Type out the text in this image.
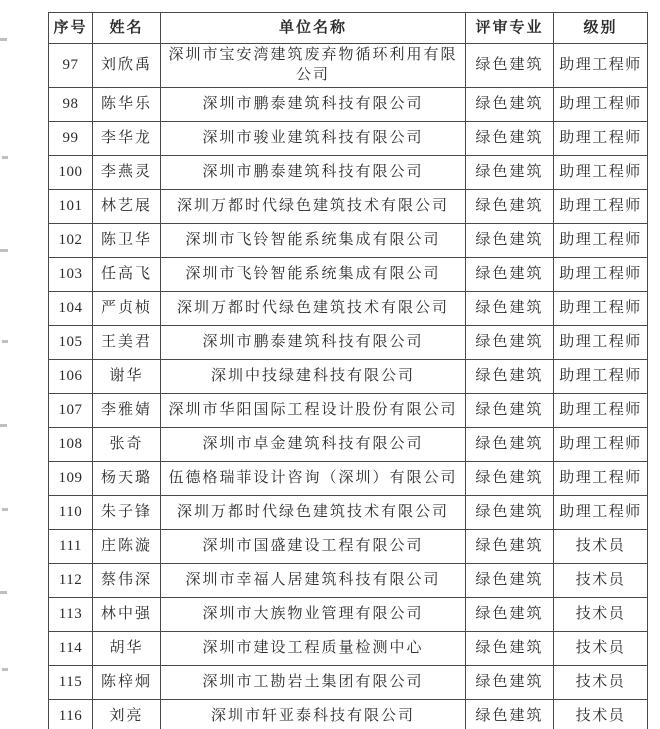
序号	姓名	单位名称	评审专业	级别
97	刘欣禹	深圳市宝安湾建筑废弃物循环利用有限公司	绿色建筑	助理工程师
98	陈华乐	深圳市鹏泰建筑科技有限公司	绿色建筑	助理工程师
99	李华龙	深圳市骏业建筑科技有限公司	绿色建筑	助理工程师
100	李燕灵	深圳市鹏泰建筑科技有限公司	绿色建筑	助理工程师
101	林艺展	深圳万都时代绿色建筑技术有限公司	绿色建筑	助理工程师
102	陈卫华	深圳市飞铃智能系统集成有限公司	绿色建筑	助理工程师
103	任高飞	深圳市飞铃智能系统集成有限公司	绿色建筑	助理工程师
104	严贞桢	深圳万都时代绿色建筑技术有限公司	绿色建筑	助理工程师
105	王美君	深圳市鹏泰建筑科技有限公司	绿色建筑	助理工程师
106	谢华	深圳中技绿建科技有限公司	绿色建筑	助理工程师
107	李雅婧	深圳市华阳国际工程设计股份有限公司	绿色建筑	助理工程师
108	张奇	深圳市卓金建筑科技有限公司	绿色建筑	助理工程师
109	杨天璐	伍德格瑞菲设计咨询（深圳）有限公司	绿色建筑	助理工程师
110	朱子锋	深圳万都时代绿色建筑技术有限公司	绿色建筑	助理工程师
111	庄陈漩	深圳市国盛建设工程有限公司	绿色建筑	技术员
112	蔡伟深	深圳市幸福人居建筑科技有限公司	绿色建筑	技术员
113	林中强	深圳市大族物业管理有限公司	绿色建筑	技术员
114	胡华	深圳市建设工程质量检测中心	绿色建筑	技术员
115	陈梓炯	深圳市工勘岩土集团有限公司	绿色建筑	技术员
116	刘亮	深圳市轩亚泰科技有限公司	绿色建筑	技术员
